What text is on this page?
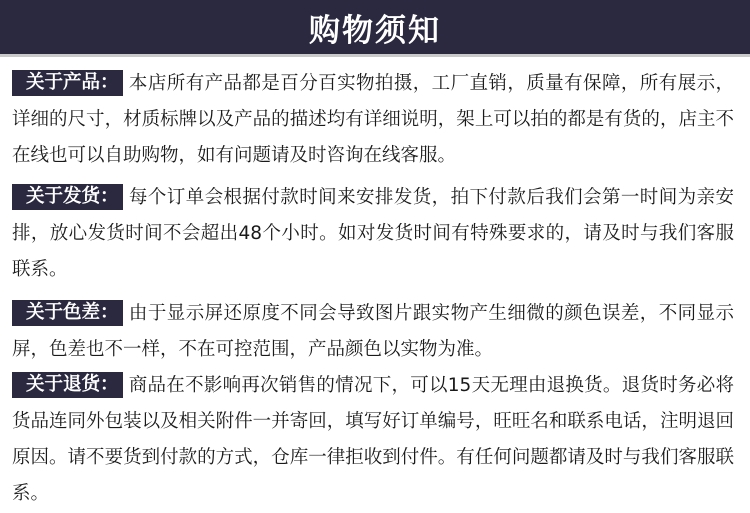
购物须知
关于产品： 本店所有产品都是百分百实物拍摄，工厂直销，质量有保障，所有展示，详细的尺寸，材质标牌以及产品的描述均有详细说明，架上可以拍的都是有货的，店主不在线也可以自助购物，如有问题请及时咨询在线客服。
关于发货： 每个订单会根据付款时间来安排发货，拍下付款后我们会第一时间为亲安排，放心发货时间不会超出48个小时。如对发货时间有特殊要求的，请及时与我们客服联系。
关于色差： 由于显示屏还原度不同会导致图片跟实物产生细微的颜色误差，不同显示屏，色差也不一样，不在可控范围，产品颜色以实物为准。
关于退货： 商品在不影响再次销售的情况下，可以15天无理由退换货。退货时务必将货品连同外包装以及相关附件一并寄回，填写好订单编号，旺旺名和联系电话，注明退回原因。请不要货到付款的方式，仓库一律拒收到付件。有任何问题都请及时与我们客服联系。
